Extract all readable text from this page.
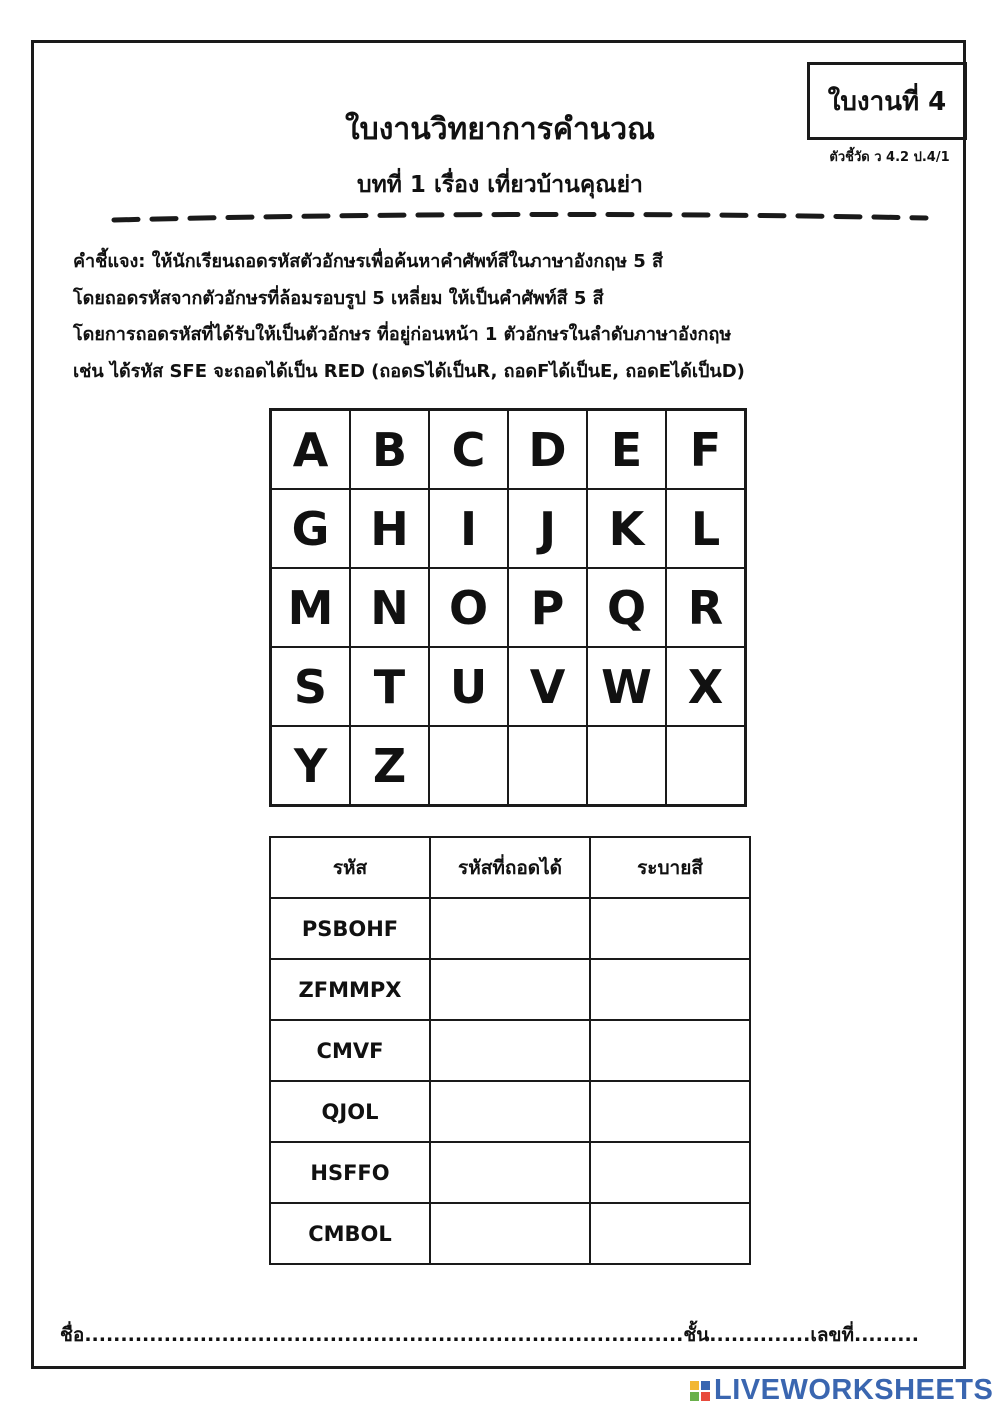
ใบงานที่ 4
ตัวชี้วัด ว 4.2 ป.4/1
ใบงานวิทยาการคำนวณ
บทที่ 1 เรื่อง เที่ยวบ้านคุณย่า
คำชี้แจง: ให้นักเรียนถอดรหัสตัวอักษรเพื่อค้นหาคำศัพท์สีในภาษาอังกฤษ 5 สี
โดยถอดรหัสจากตัวอักษรที่ล้อมรอบรูป 5 เหลี่ยม ให้เป็นคำศัพท์สี 5 สี
โดยการถอดรหัสที่ได้รับให้เป็นตัวอักษร ที่อยู่ก่อนหน้า 1 ตัวอักษรในลำดับภาษาอังกฤษ
เช่น ได้รหัส SFE จะถอดได้เป็น RED (ถอดSได้เป็นR, ถอดFได้เป็นE, ถอดEได้เป็นD)
A	B	C	D	E	F
G	H	I	J	K	L
M	N	O	P	Q	R
S	T	U	V	W	X
Y	Z				
รหัส	รหัสที่ถอดได้	ระบายสี
PSBOHF		
ZFMMPX		
CMVF		
QJOL		
HSFFO		
CMBOL		
ชื่อ...................................................................................ชั้น..............เลขที่.........
LIVEWORKSHEETS
